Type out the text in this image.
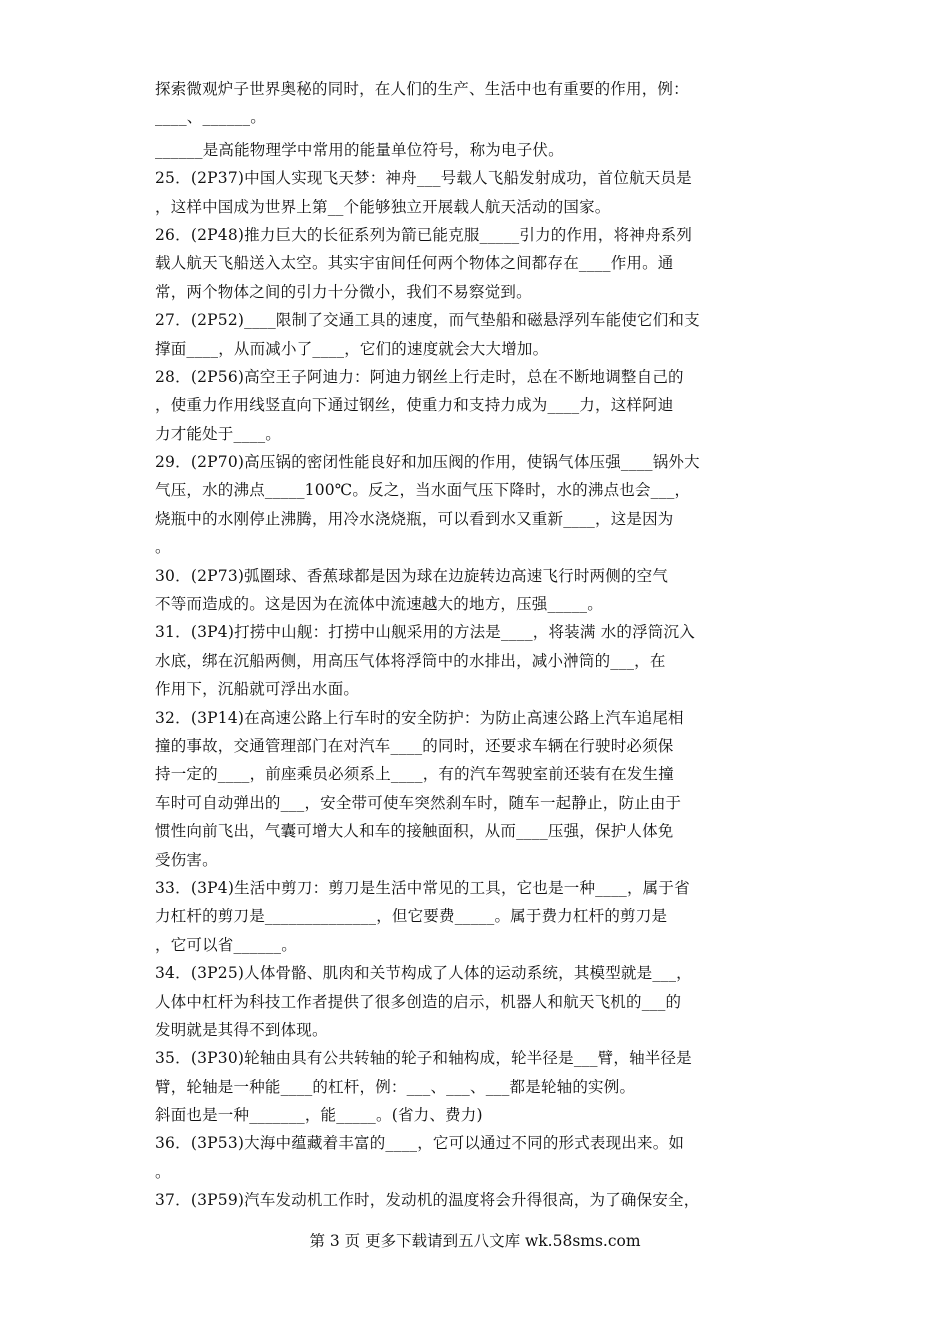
探索微观炉子世界奥秘的同时，在人们的生产、生活中也有重要的作用，例：
____、______。
______是高能物理学中常用的能量单位符号，称为电子伏。
25．(2P37)中国人实现飞天梦：神舟___号载人飞船发射成功，首位航天员是
，这样中国成为世界上第__个能够独立开展载人航天活动的国家。
26．(2P48)推力巨大的长征系列为箭已能克服_____引力的作用，将神舟系列
载人航天飞船送入太空。其实宇宙间任何两个物体之间都存在____作用。通
常，两个物体之间的引力十分微小，我们不易察觉到。
27．(2P52)____限制了交通工具的速度，而气垫船和磁悬浮列车能使它们和支
撑面____，从而减小了____，它们的速度就会大大增加。
28．(2P56)高空王子阿迪力：阿迪力钢丝上行走时，总在不断地调整自己的
，使重力作用线竖直向下通过钢丝，使重力和支持力成为____力，这样阿迪
力才能处于____。
29．(2P70)高压锅的密闭性能良好和加压阀的作用，使锅气体压强____锅外大
气压，水的沸点_____100℃。反之，当水面气压下降时，水的沸点也会___，
烧瓶中的水刚停止沸腾，用冷水浇烧瓶，可以看到水又重新____，这是因为
。
30．(2P73)弧圈球、香蕉球都是因为球在边旋转边高速飞行时两侧的空气
不等而造成的。这是因为在流体中流速越大的地方，压强_____。
31．(3P4)打捞中山舰：打捞中山舰采用的方法是____，将装满 水的浮筒沉入
水底，绑在沉船两侧，用高压气体将浮筒中的水排出，减小浺筒的___，在
作用下，沉船就可浮出水面。
32．(3P14)在高速公路上行车时的安全防护：为防止高速公路上汽车追尾相
撞的事故，交通管理部门在对汽车____的同时，还要求车辆在行驶时必须保
持一定的____，前座乘员必须系上____，有的汽车驾驶室前还装有在发生撞
车时可自动弹出的___，安全带可使车突然刹车时，随车一起静止，防止由于
惯性向前飞出，气囊可增大人和车的接触面积，从而____压强，保护人体免
受伤害。
33．(3P4)生活中剪刀：剪刀是生活中常见的工具，它也是一种____，属于省
力杠杆的剪刀是______________，但它要费_____。属于费力杠杆的剪刀是
，它可以省______。
34．(3P25)人体骨骼、肌肉和关节构成了人体的运动系统，其模型就是___，
人体中杠杆为科技工作者提供了很多创造的启示，机器人和航天飞机的___的
发明就是其得不到体现。
35．(3P30)轮轴由具有公共转轴的轮子和轴构成，轮半径是___臂，轴半径是
臂，轮轴是一种能____的杠杆，例：___、___、___都是轮轴的实例。
斜面也是一种_______，能_____。(省力、费力)
36．(3P53)大海中蕴藏着丰富的____，它可以通过不同的形式表现出来。如
。
37．(3P59)汽车发动机工作时，发动机的温度将会升得很高，为了确保安全，
第 3 页 更多下载请到五八文库 wk.58sms.com
